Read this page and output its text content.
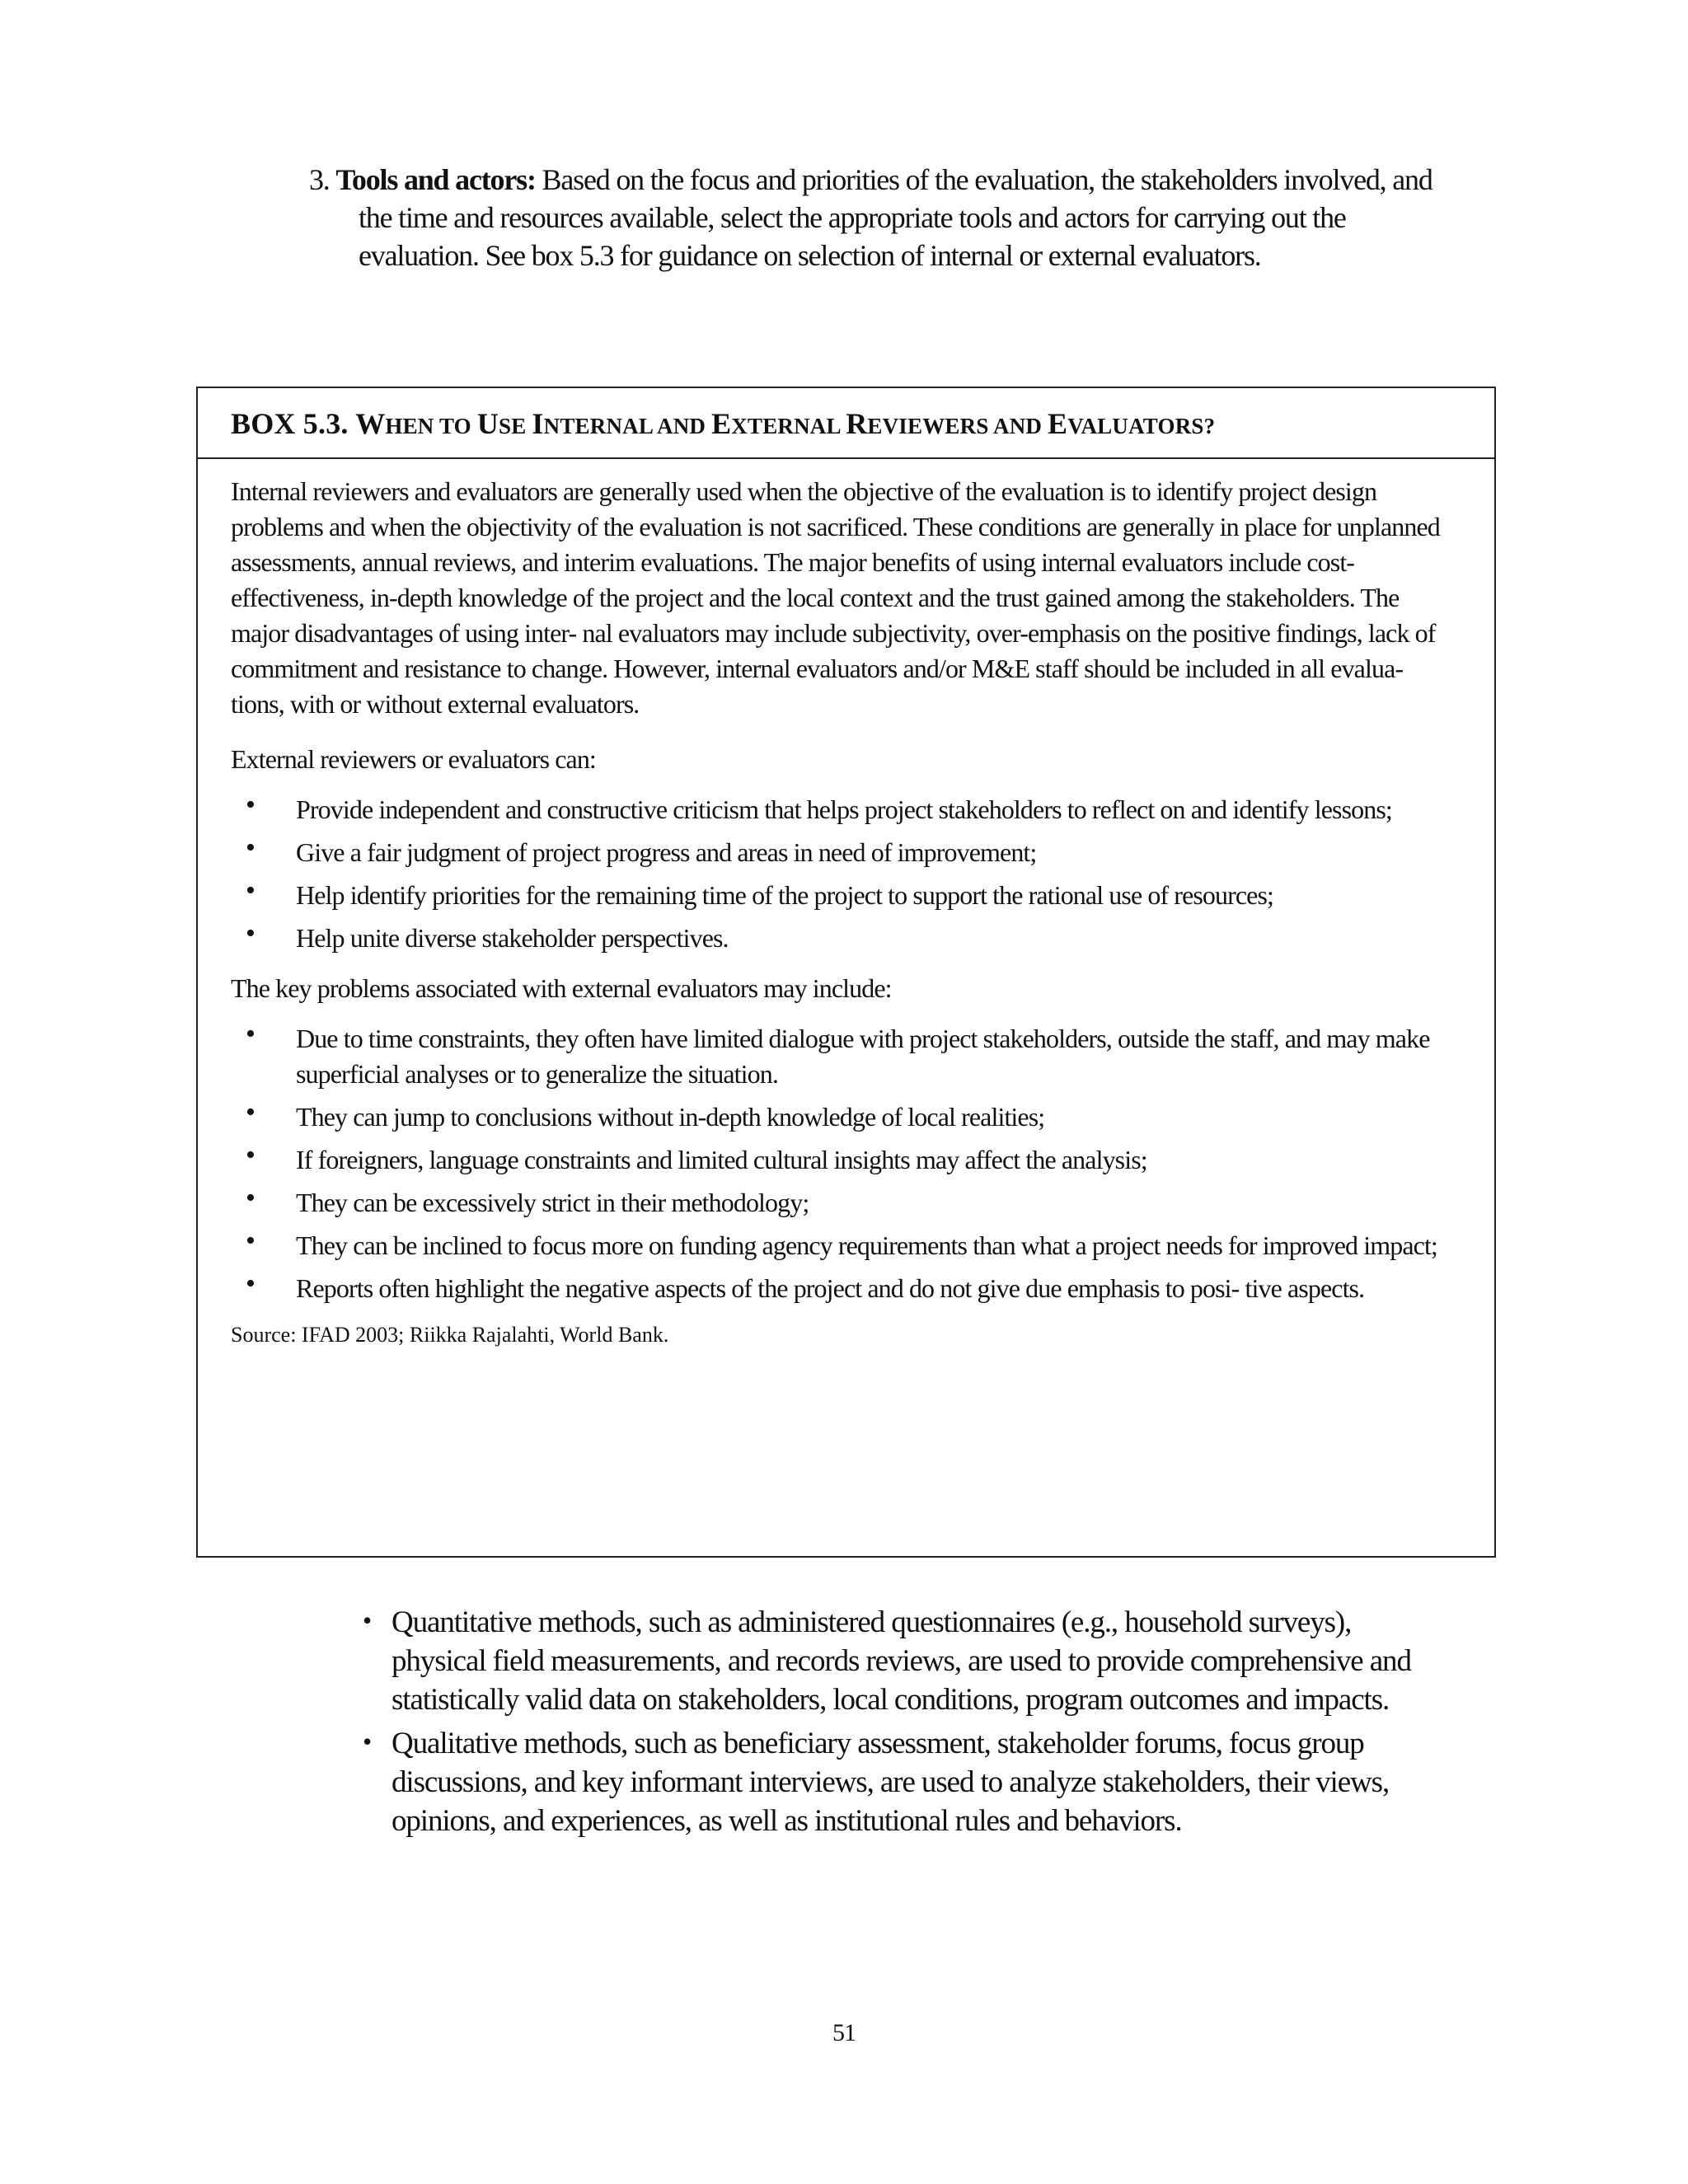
3. Tools and actors: Based on the focus and priorities of the evaluation, the stakeholders involved, and the time and resources available, select the appropriate tools and actors for carrying out the evaluation. See box 5.3 for guidance on selection of internal or external evaluators.
BOX 5.3. WHEN TO USE INTERNAL AND EXTERNAL REVIEWERS AND EVALUATORS?

Internal reviewers and evaluators are generally used when the objective of the evaluation is to identify project design problems and when the objectivity of the evaluation is not sacrificed. These conditions are generally in place for unplanned assessments, annual reviews, and interim evaluations. The major benefits of using internal evaluators include cost-effectiveness, in-depth knowledge of the project and the local context and the trust gained among the stakeholders. The major disadvantages of using inter- nal evaluators may include subjectivity, over-emphasis on the positive findings, lack of commitment and resistance to change. However, internal evaluators and/or M&E staff should be included in all evalua-
tions, with or without external evaluators.

External reviewers or evaluators can:

• Provide independent and constructive criticism that helps project stakeholders to reflect on and identify lessons;
• Give a fair judgment of project progress and areas in need of improvement;
• Help identify priorities for the remaining time of the project to support the rational use of resources;
• Help unite diverse stakeholder perspectives.

The key problems associated with external evaluators may include:

• Due to time constraints, they often have limited dialogue with project stakeholders, outside the staff, and may make superficial analyses or to generalize the situation.
• They can jump to conclusions without in-depth knowledge of local realities;
• If foreigners, language constraints and limited cultural insights may affect the analysis;
• They can be excessively strict in their methodology;
• They can be inclined to focus more on funding agency requirements than what a project needs for improved impact;
• Reports often highlight the negative aspects of the project and do not give due emphasis to posi- tive aspects.

Source: IFAD 2003; Riikka Rajalahti, World Bank.

• Quantitative methods, such as administered questionnaires (e.g., household surveys), physical field measurements, and records reviews, are used to provide comprehensive and statistically valid data on stakeholders, local conditions, program outcomes and impacts.
• Qualitative methods, such as beneficiary assessment, stakeholder forums, focus group discussions, and key informant interviews, are used to analyze stakeholders, their views, opinions, and experiences, as well as institutional rules and behaviors.
51
